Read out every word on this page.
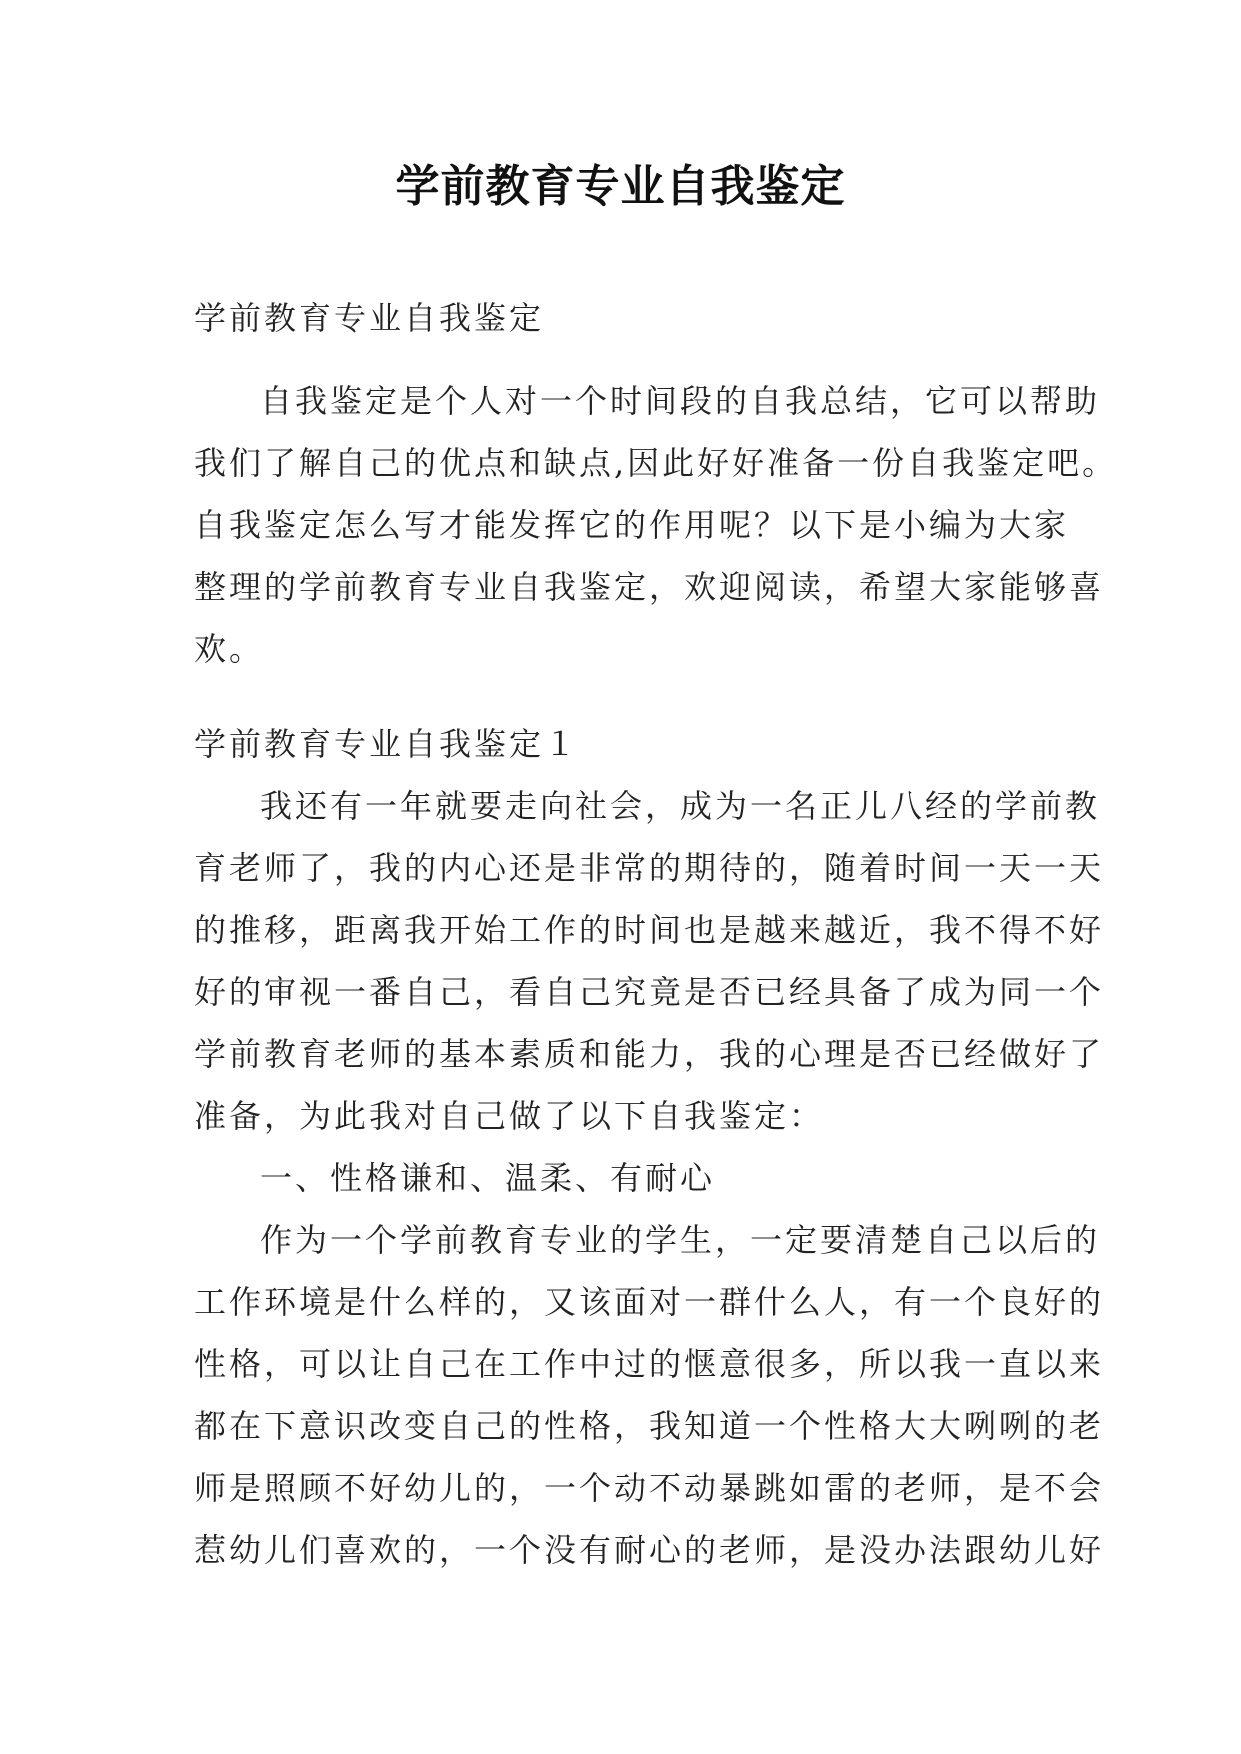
学前教育专业自我鉴定

学前教育专业自我鉴定

自我鉴定是个人对一个时间段的自我总结，它可以帮助

我们了解自己的优点和缺点,因此好好准备一份自我鉴定吧。

自我鉴定怎么写才能发挥它的作用呢？以下是小编为大家

整理的学前教育专业自我鉴定，欢迎阅读，希望大家能够喜

欢。

学前教育专业自我鉴定１

我还有一年就要走向社会，成为一名正儿八经的学前教

育老师了，我的内心还是非常的期待的，随着时间一天一天

的推移，距离我开始工作的时间也是越来越近，我不得不好

好的审视一番自己，看自己究竟是否已经具备了成为同一个

学前教育老师的基本素质和能力，我的心理是否已经做好了

准备，为此我对自己做了以下自我鉴定：

一、性格谦和、温柔、有耐心

作为一个学前教育专业的学生，一定要清楚自己以后的

工作环境是什么样的，又该面对一群什么人，有一个良好的

性格，可以让自己在工作中过的惬意很多，所以我一直以来

都在下意识改变自己的性格，我知道一个性格大大咧咧的老

师是照顾不好幼儿的，一个动不动暴跳如雷的老师，是不会

惹幼儿们喜欢的，一个没有耐心的老师，是没办法跟幼儿好
